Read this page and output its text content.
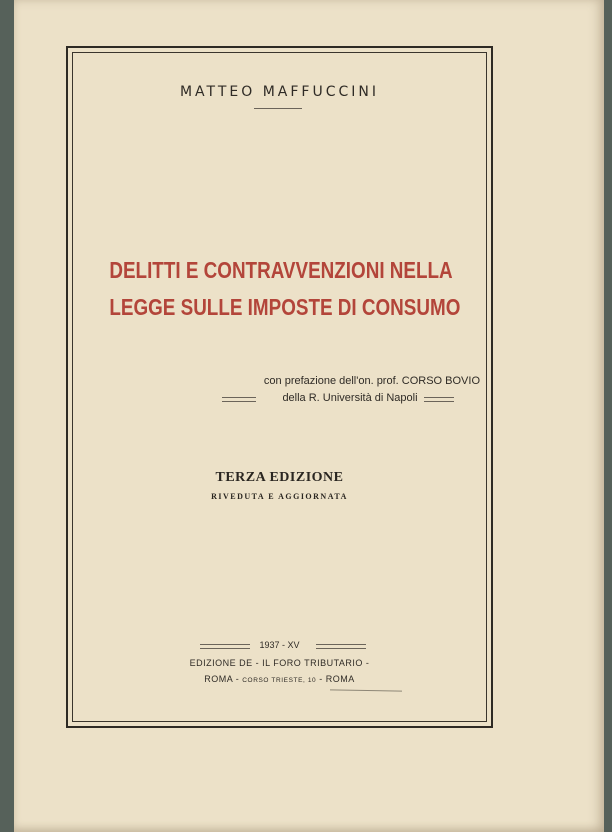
MATTEO MAFFUCCINI
DELITTI E CONTRAVVENZIONI NELLA
LEGGE SULLE IMPOSTE DI CONSUMO
con prefazione dell'on. prof. CORSO BOVIO
della R. Università di Napoli
TERZA EDIZIONE
RIVEDUTA E AGGIORNATA
1937 - XV
EDIZIONE DE - IL FORO TRIBUTARIO -
ROMA - CORSO TRIESTE, 10 - ROMA
